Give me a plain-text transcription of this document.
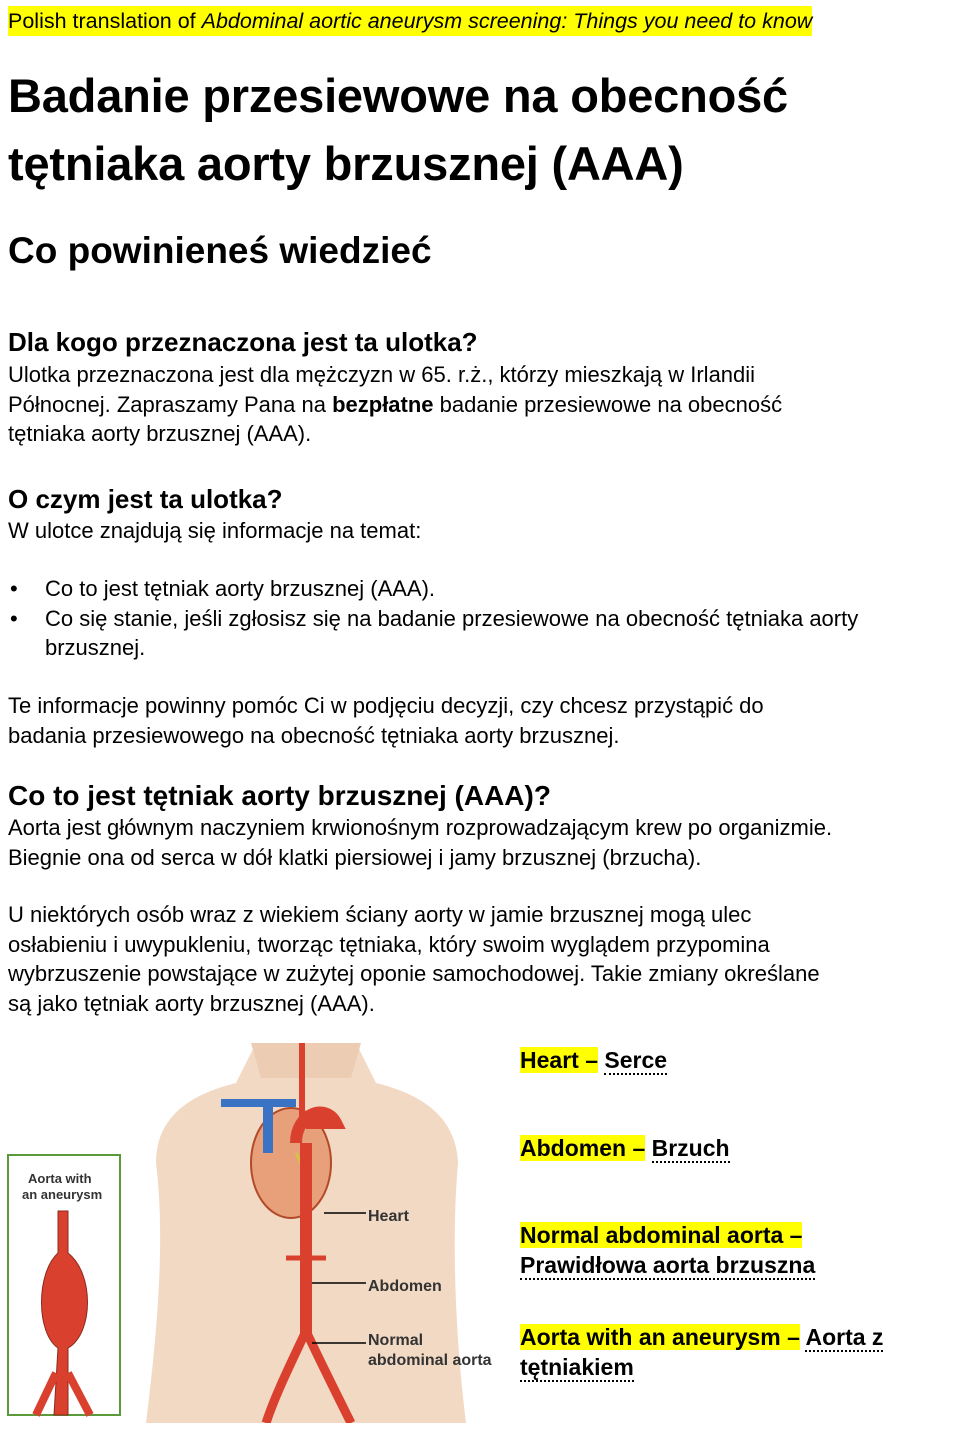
Polish translation of Abdominal aortic aneurysm screening: Things you need to know
Badanie przesiewowe na obecność
tętniaka aorty brzusznej (AAA)
Co powinieneś wiedzieć
Dla kogo przeznaczona jest ta ulotka?
Ulotka przeznaczona jest dla mężczyzn w 65. r.ż., którzy mieszkają w Irlandii
Północnej. Zapraszamy Pana na bezpłatne badanie przesiewowe na obecność
tętniaka aorty brzusznej (AAA).
O czym jest ta ulotka?
W ulotce znajdują się informacje na temat:
• Co to jest tętniak aorty brzusznej (AAA).
• Co się stanie, jeśli zgłosisz się na badanie przesiewowe na obecność tętniaka aorty brzusznej.
Te informacje powinny pomóc Ci w podjęciu decyzji, czy chcesz przystąpić do
badania przesiewowego na obecność tętniaka aorty brzusznej.
Co to jest tętniak aorty brzusznej (AAA)?
Aorta jest głównym naczyniem krwionośnym rozprowadzającym krew po organizmie.
Biegnie ona od serca w dół klatki piersiowej i jamy brzusznej (brzucha).
U niektórych osób wraz z wiekiem ściany aorty w jamie brzusznej mogą ulec
osłabieniu i uwypukleniu, tworząc tętniaka, który swoim wyglądem przypomina
wybrzuszenie powstające w zużytej oponie samochodowej. Takie zmiany określane
są jako tętniak aorty brzusznej (AAA).
Heart
Abdomen
Normal
abdominal aorta
Aorta with
an aneurysm
Heart – Serce
Abdomen – Brzuch
Normal abdominal aorta –
Prawidłowa aorta brzuszna
Aorta with an aneurysm – Aorta z
tętniakiem
